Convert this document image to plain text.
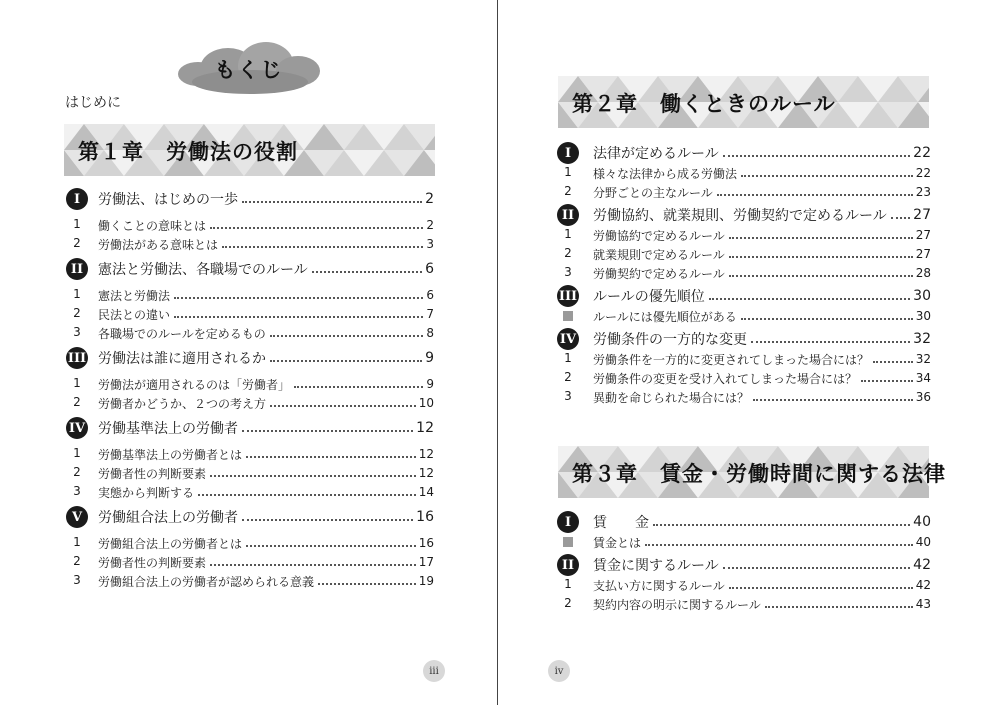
もくじ
はじめに
第１章　労働法の役割
I	労働法、はじめの一歩	2
1 働くことの意味とは	2
2 労働法がある意味とは	3
II	憲法と労働法、各職場でのルール	6
1 憲法と労働法	6
2 民法との違い	7
3 各職場でのルールを定めるもの	8
III 労働法は誰に適用されるか	9
1 労働法が適用されるのは「労働者」	9
2 労働者かどうか、２つの考え方	10
IV 労働基準法上の労働者	12
1 労働基準法上の労働者とは	12
2 労働者性の判断要素	12
3 実態から判断する	14
V	労働組合法上の労働者	16
1 労働組合法上の労働者とは	16
2 労働者性の判断要素	17
3 労働組合法上の労働者が認められる意義	19
iii
第２章　働くときのルール
I	法律が定めるルール	22
1 様々な法律から成る労働法	22
2 分野ごとの主なルール	23
II	労働協約、就業規則、労働契約で定めるルール 27
1 労働協約で定めるルール	27
2 就業規則で定めるルール	27
3 労働契約で定めるルール	28
III ルールの優先順位	30
ルールには優先順位がある	30
IV 労働条件の一方的な変更	32
1 労働条件を一方的に変更されてしまった場合には？	32
2 労働条件の変更を受け入れてしまった場合には？	34
3 異動を命じられた場合には？	36
第３章　賃金・労働時間に関する法律
I	賃　　金	40
賃金とは	40
II	賃金に関するルール	42
1 支払い方に関するルール	42
2 契約内容の明示に関するルール	43
iv
